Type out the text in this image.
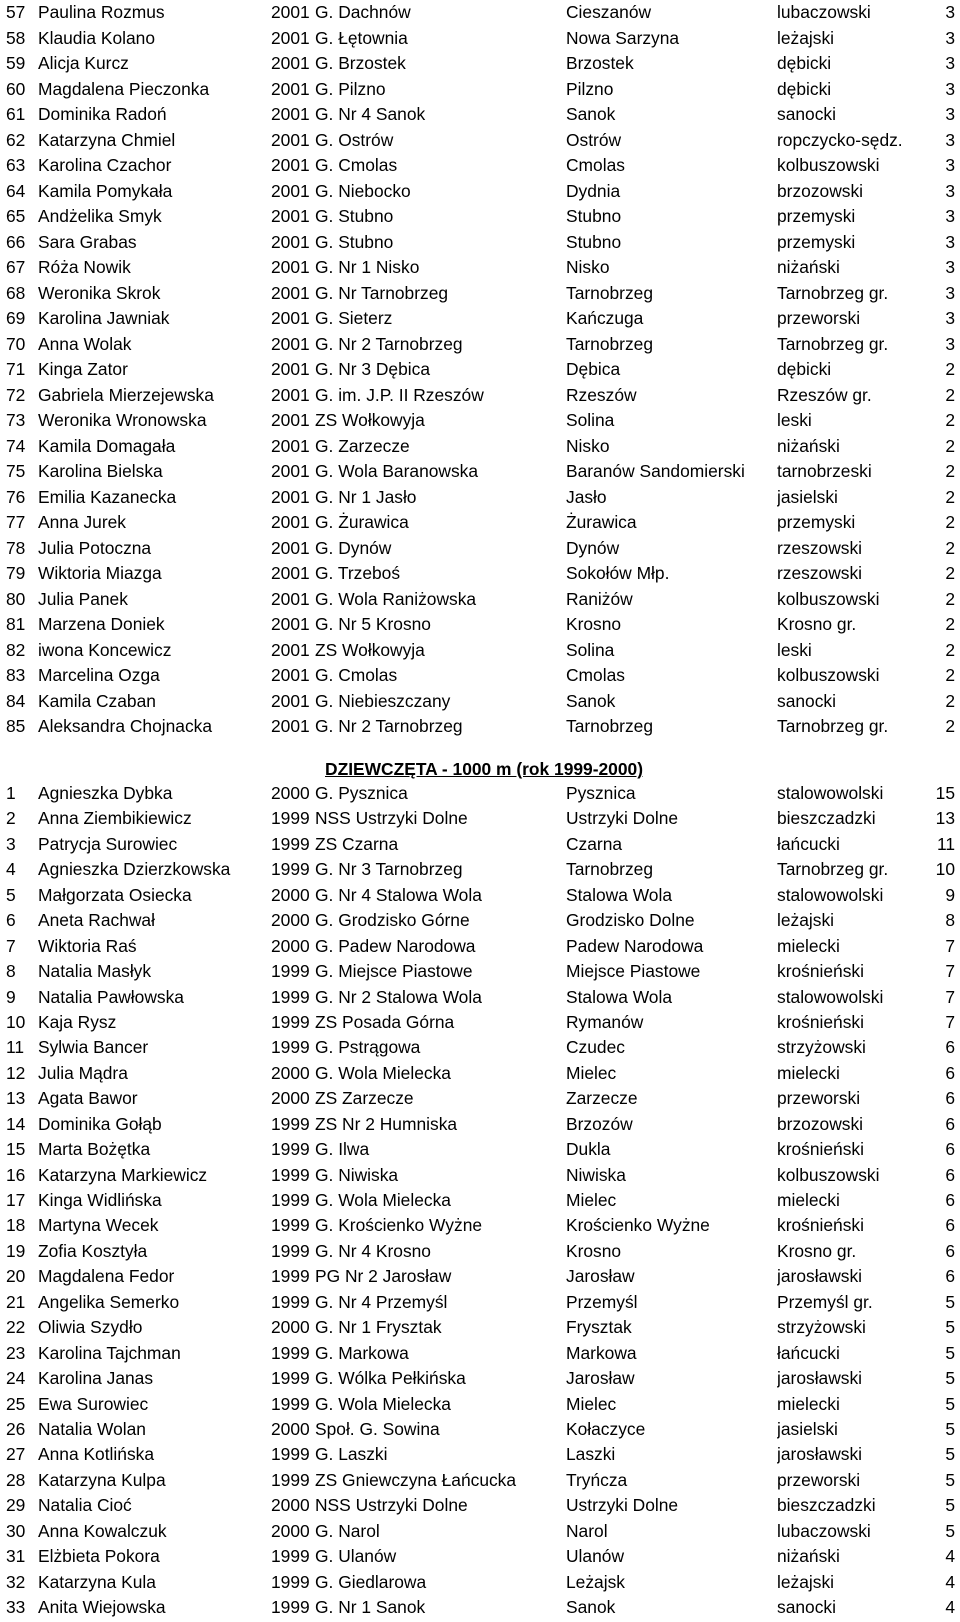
57 Paulina Rozmus	2001 G. Dachnów	Cieszanów	lubaczowski	3
58 Klaudia Kolano	2001 G. Łętownia	Nowa Sarzyna	leżajski	3
59 Alicja Kurcz	2001 G. Brzostek	Brzostek	dębicki	3
60 Magdalena Pieczonka	2001 G. Pilzno	Pilzno	dębicki	3
61 Dominika Radoń	2001 G. Nr 4 Sanok	Sanok	sanocki	3
62 Katarzyna Chmiel	2001 G. Ostrów	Ostrów	ropczycko-sędz.	3
63 Karolina Czachor	2001 G. Cmolas	Cmolas	kolbuszowski	3
64 Kamila Pomykała	2001 G. Niebocko	Dydnia	brzozowski	3
65 Andżelika Smyk	2001 G. Stubno	Stubno	przemyski	3
66 Sara Grabas	2001 G. Stubno	Stubno	przemyski	3
67 Róża Nowik	2001 G. Nr 1 Nisko	Nisko	niżański	3
68 Weronika Skrok	2001 G. Nr Tarnobrzeg	Tarnobrzeg	Tarnobrzeg gr.	3
69 Karolina Jawniak	2001 G. Sieterz	Kańczuga	przeworski	3
70 Anna Wolak	2001 G. Nr 2 Tarnobrzeg	Tarnobrzeg	Tarnobrzeg gr.	3
71 Kinga Zator	2001 G. Nr 3 Dębica	Dębica	dębicki	2
72 Gabriela Mierzejewska	2001 G. im. J.P. II Rzeszów	Rzeszów	Rzeszów gr.	2
73 Weronika Wronowska	2001 ZS Wołkowyja	Solina	leski	2
74 Kamila Domagała	2001 G. Zarzecze	Nisko	niżański	2
75 Karolina Bielska	2001 G. Wola Baranowska	Baranów Sandomierski	tarnobrzeski	2
76 Emilia Kazanecka	2001 G. Nr 1 Jasło	Jasło	jasielski	2
77 Anna Jurek	2001 G. Żurawica	Żurawica	przemyski	2
78 Julia Potoczna	2001 G. Dynów	Dynów	rzeszowski	2
79 Wiktoria Miazga	2001 G. Trzeboś	Sokołów Młp.	rzeszowski	2
80 Julia Panek	2001 G. Wola Raniżowska	Raniżów	kolbuszowski	2
81 Marzena Doniek	2001 G. Nr 5 Krosno	Krosno	Krosno gr.	2
82 iwona Koncewicz	2001 ZS Wołkowyja	Solina	leski	2
83 Marcelina Ozga	2001 G. Cmolas	Cmolas	kolbuszowski	2
84 Kamila Czaban	2001 G. Niebieszczany	Sanok	sanocki	2
85 Aleksandra Chojnacka	2001 G. Nr 2 Tarnobrzeg	Tarnobrzeg	Tarnobrzeg gr.	2
DZIEWCZĘTA - 1000 m (rok 1999-2000)
1	Agnieszka Dybka	2000 G. Pysznica	Pysznica	stalowowolski	15
2	Anna Ziembikiewicz	1999 NSS Ustrzyki Dolne	Ustrzyki Dolne	bieszczadzki	13
3	Patrycja Surowiec	1999 ZS Czarna	Czarna	łańcucki	11
4	Agnieszka Dzierzkowska	1999 G. Nr 3 Tarnobrzeg	Tarnobrzeg	Tarnobrzeg gr.	10
5	Małgorzata Osiecka	2000 G. Nr 4 Stalowa Wola	Stalowa Wola	stalowowolski	9
6	Aneta Rachwał	2000 G. Grodzisko Górne	Grodzisko Dolne	leżajski	8
7	Wiktoria Raś	2000 G. Padew Narodowa	Padew Narodowa	mielecki	7
8	Natalia Masłyk	1999 G. Miejsce Piastowe	Miejsce Piastowe	krośnieński	7
9	Natalia Pawłowska	1999 G. Nr 2 Stalowa Wola	Stalowa Wola	stalowowolski	7
10 Kaja Rysz	1999 ZS Posada Górna	Rymanów	krośnieński	7
11 Sylwia Bancer	1999 G. Pstrągowa	Czudec	strzyżowski	6
12 Julia Mądra	2000 G. Wola Mielecka	Mielec	mielecki	6
13 Agata Bawor	2000 ZS Zarzecze	Zarzecze	przeworski	6
14 Dominika Gołąb	1999 ZS Nr 2 Humniska	Brzozów	brzozowski	6
15 Marta Bożętka	1999 G. Ilwa	Dukla	krośnieński	6
16 Katarzyna Markiewicz	1999 G. Niwiska	Niwiska	kolbuszowski	6
17 Kinga Widlińska	1999 G. Wola Mielecka	Mielec	mielecki	6
18 Martyna Wecek	1999 G. Krościenko Wyżne	Krościenko Wyżne	krośnieński	6
19 Zofia Kosztyła	1999 G. Nr 4 Krosno	Krosno	Krosno gr.	6
20 Magdalena Fedor	1999 PG Nr 2 Jarosław	Jarosław	jarosławski	6
21 Angelika Semerko	1999 G. Nr 4 Przemyśl	Przemyśl	Przemyśl gr.	5
22 Oliwia Szydło	2000 G. Nr 1 Frysztak	Frysztak	strzyżowski	5
23 Karolina Tajchman	1999 G. Markowa	Markowa	łańcucki	5
24 Karolina Janas	1999 G. Wólka Pełkińska	Jarosław	jarosławski	5
25 Ewa Surowiec	1999 G. Wola Mielecka	Mielec	mielecki	5
26 Natalia Wolan	2000 Społ. G. Sowina	Kołaczyce	jasielski	5
27 Anna Kotlińska	1999 G. Laszki	Laszki	jarosławski	5
28 Katarzyna Kulpa	1999 ZS Gniewczyna Łańcucka	Tryńcza	przeworski	5
29 Natalia Cioć	2000 NSS Ustrzyki Dolne	Ustrzyki Dolne	bieszczadzki	5
30 Anna Kowalczuk	2000 G. Narol	Narol	lubaczowski	5
31 Elżbieta Pokora	1999 G. Ulanów	Ulanów	niżański	4
32 Katarzyna Kula	1999 G. Giedlarowa	Leżajsk	leżajski	4
33 Anita Wiejowska	1999 G. Nr 1 Sanok	Sanok	sanocki	4
